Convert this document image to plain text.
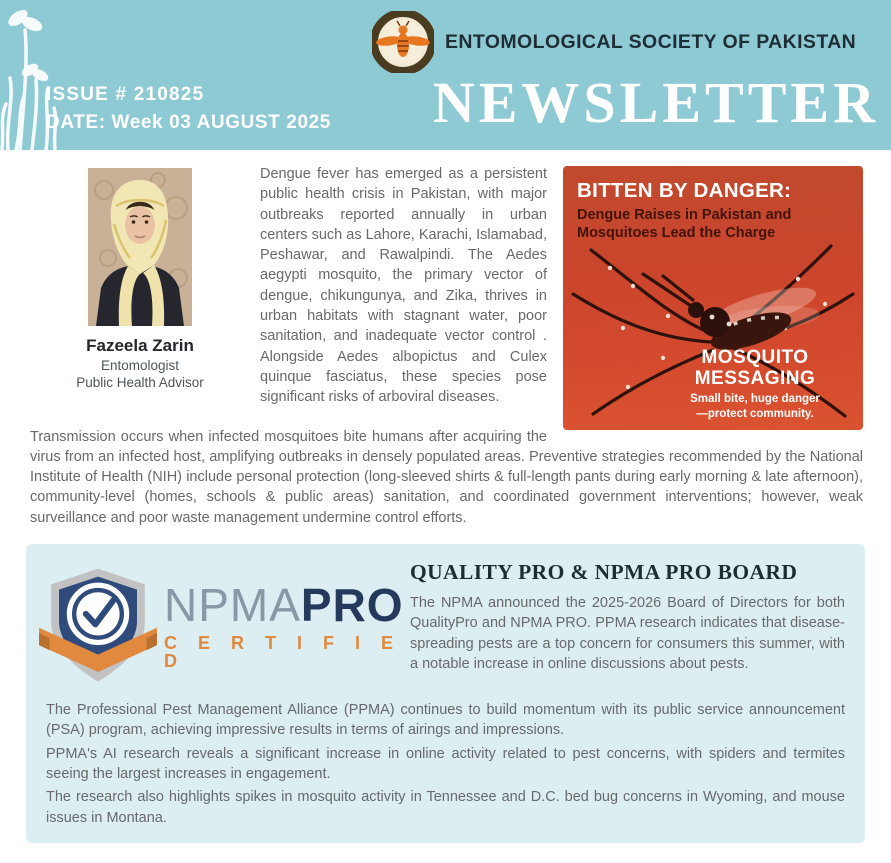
ENTOMOLOGICAL SOCIETY OF PAKISTAN
ISSUE # 210825
DATE: Week 03 AUGUST 2025 NEWSLETTER
BITTEN BY DANGER:
Dengue Raises in Pakistan and
Mosquitoes Lead the Charge
MOSQUITO
MESSAGING
Small bite, huge danger
—protect community.
Fazeela Zarin
Entomologist
Public Health Advisor

Dengue fever has emerged as a persistent public health crisis in Pakistan, with major outbreaks reported annually in urban centers such as Lahore, Karachi, Islamabad, Peshawar, and Rawalpindi. The Aedes aegypti mosquito, the primary vector of dengue, chikungunya, and Zika, thrives in urban habitats with stagnant water, poor sanitation, and inadequate vector control . Alongside Aedes albopictus and Culex quinque fasciatus, these species pose significant risks of arboviral diseases.

Transmission occurs when infected mosquitoes bite humans after acquiring the virus from an infected host, amplifying outbreaks in densely populated areas. Preventive strategies recommended by the National Institute of Health (NIH) include personal protection (long-sleeved shirts & full-length pants during early morning & late afternoon), community-level (homes, schools & public areas) sanitation, and coordinated government interventions; however, weak surveillance and poor waste management undermine control efforts.

NPMAPRO
C E R T I F I E D
QUALITY PRO & NPMA PRO BOARD
The NPMA announced the 2025-2026 Board of Directors for both QualityPro and NPMA PRO. PPMA research indicates that disease-spreading pests are a top concern for consumers this summer, with a notable increase in online discussions about pests.

The Professional Pest Management Alliance (PPMA) continues to build momentum with its public service announcement (PSA) program, achieving impressive results in terms of airings and impressions.

PPMA's AI research reveals a significant increase in online activity related to pest concerns, with spiders and termites seeing the largest increases in engagement.

The research also highlights spikes in mosquito activity in Tennessee and D.C. bed bug concerns in Wyoming, and mouse issues in Montana.
